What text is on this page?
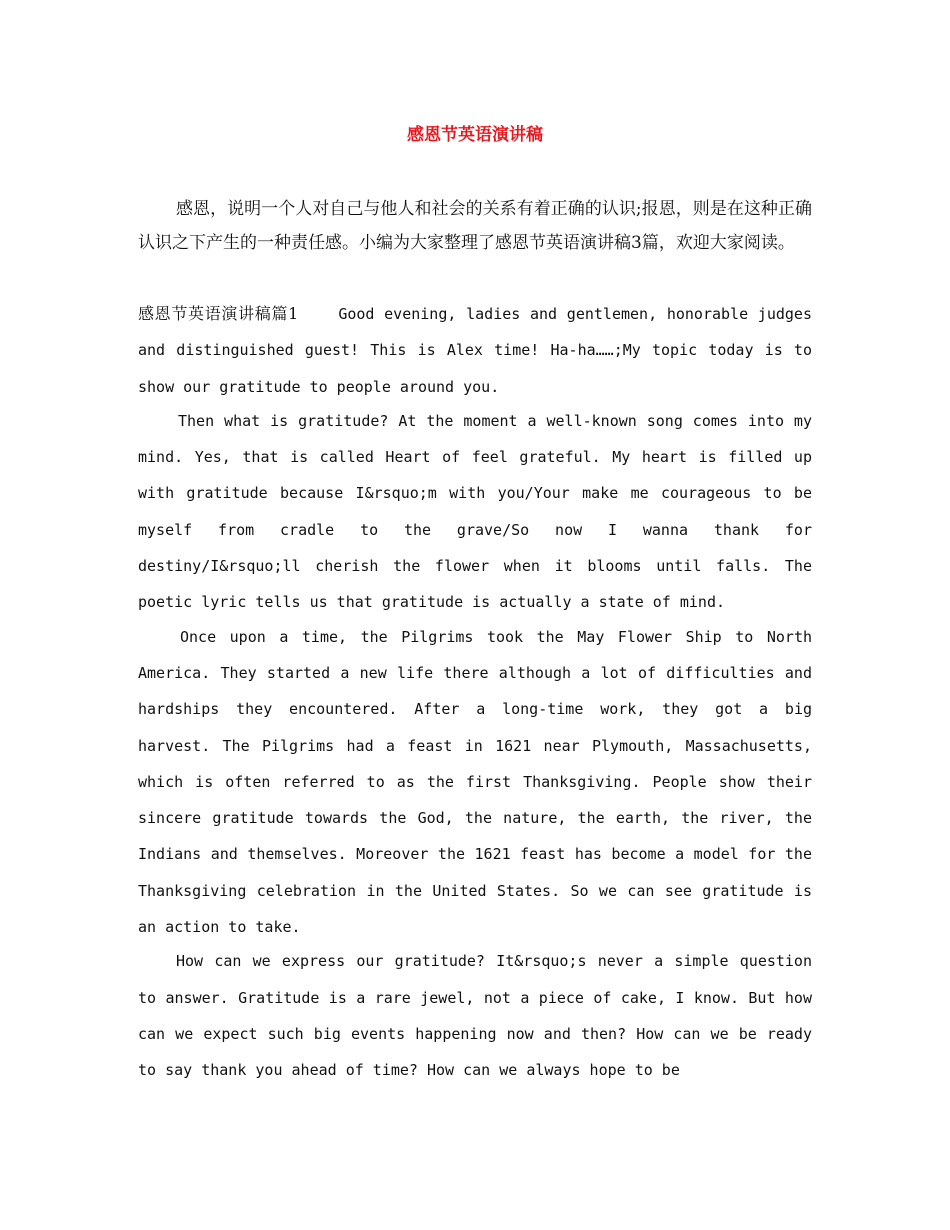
感恩节英语演讲稿

感恩，说明一个人对自己与他人和社会的关系有着正确的认识;报恩，则是在这种正确认识之下产生的一种责任感。小编为大家整理了感恩节英语演讲稿3篇，欢迎大家阅读。

感恩节英语演讲稿篇1	Good evening, ladies and gentlemen, honorable judges and distinguished guest! This is Alex time! Ha-ha……;My topic today is to show our gratitude to people around you.

Then what is gratitude? At the moment a well-known song comes into my mind. Yes, that is called Heart of feel grateful. My heart is filled up with gratitude because I&rsquo;m with you/Your make me courageous to be myself from cradle to the grave/So now I wanna thank for destiny/I&rsquo;ll cherish the flower when it blooms until falls. The poetic lyric tells us that gratitude is actually a state of mind.

Once upon a time, the Pilgrims took the May Flower Ship to North America. They started a new life there although a lot of difficulties and hardships they encountered. After a long-time work, they got a big harvest. The Pilgrims had a feast in 1621 near Plymouth, Massachusetts, which is often referred to as the first Thanksgiving. People show their sincere gratitude towards the God, the nature, the earth, the river, the Indians and themselves. Moreover the 1621 feast has become a model for the Thanksgiving celebration in the United States. So we can see gratitude is an action to take.

How can we express our gratitude? It&rsquo;s never a simple question to answer. Gratitude is a rare jewel, not a piece of cake, I know. But how can we expect such big events happening now and then? How can we be ready to say thank you ahead of time? How can we always hope to be
